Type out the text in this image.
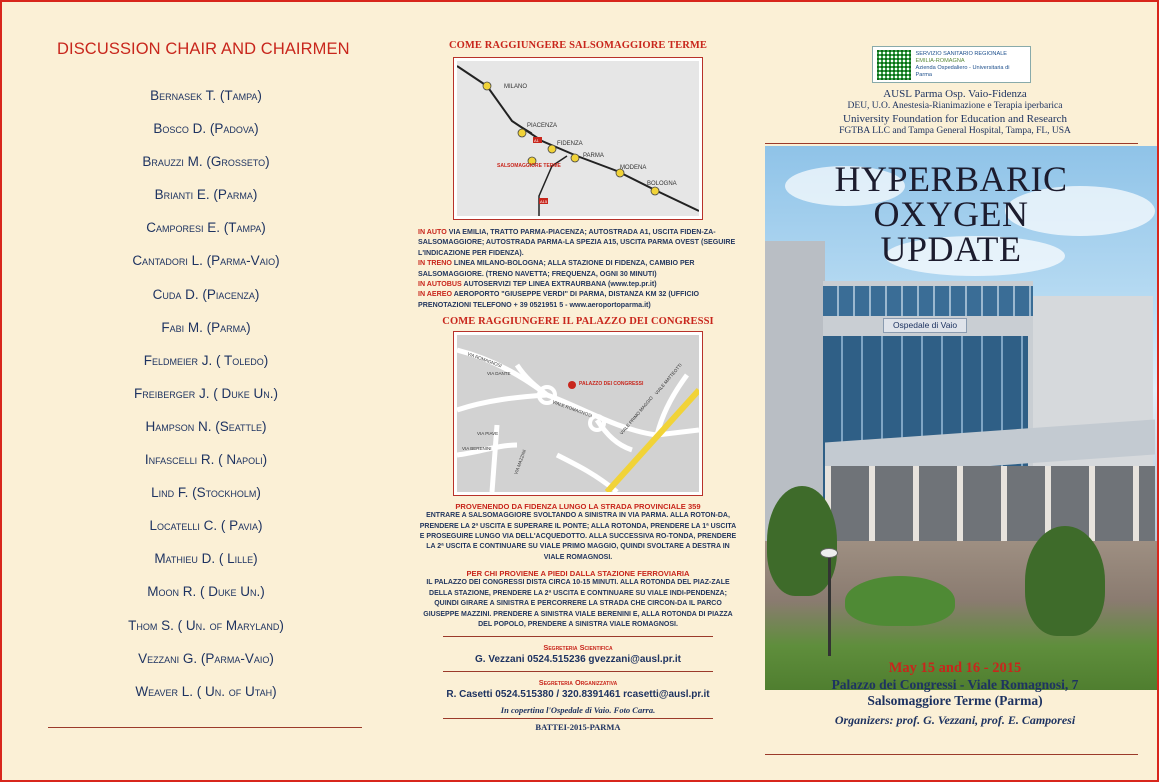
DISCUSSION CHAIR AND CHAIRMEN
Bernasek T. (Tampa)
Bosco D. (Padova)
Brauzzi M. (Grosseto)
Brianti E. (Parma)
Camporesi E. (Tampa)
Cantadori L. (Parma-Vaio)
Cuda D. (Piacenza)
Fabi M. (Parma)
Feldmeier J. ( Toledo)
Freiberger J. ( Duke Un.)
Hampson N. (Seattle)
Infascelli R. ( Napoli)
Lind F. (Stockholm)
Locatelli C. ( Pavia)
Mathieu D. ( Lille)
Moon R. ( Duke Un.)
Thom S. ( Un. of Maryland)
Vezzani G. (Parma-Vaio)
Weaver L. ( Un. of Utah)
COME RAGGIUNGERE SALSOMAGGIORE TERME
MILANO
PIACENZA
FIDENZA
PARMA
MODENA
BOLOGNA
SALSOMAGGIORE TERME
A1
A15
IN AUTO VIA EMILIA, TRATTO PARMA-PIACENZA; AUTOSTRADA A1, USCITA FIDEN-ZA-SALSOMAGGIORE; AUTOSTRADA PARMA-LA SPEZIA A15, USCITA PARMA OVEST (SEGUIRE L'INDICAZIONE PER FIDENZA).
IN TRENO LINEA MILANO-BOLOGNA; ALLA STAZIONE DI FIDENZA, CAMBIO PER SALSOMAGGIORE. (TRENO NAVETTA; FREQUENZA, OGNI 30 MINUTI)
IN AUTOBUS AUTOSERVIZI TEP LINEA EXTRAURBANA (www.tep.pr.it)
IN AEREO AEROPORTO "GIUSEPPE VERDI" DI PARMA, DISTANZA KM 32 (UFFICIO PRENOTAZIONI TELEFONO + 39 0521951 5 - www.aeroportoparma.it)
COME RAGGIUNGERE IL PALAZZO DEI CONGRESSI
PALAZZO DEI CONGRESSI
VIA ROMAGNOSI
VIA DANTE
VIALE ROMAGNOSI	VIALE PRIMO MAGGIO
VIA BERENINI
VIA MAZZINI
VIALE MATTEOTTI
VIA PIAVE
PROVENENDO DA FIDENZA LUNGO LA STRADA PROVINCIALE 359
ENTRARE A SALSOMAGGIORE SVOLTANDO A SINISTRA IN VIA PARMA. ALLA ROTON-DA, PRENDERE LA 2ª USCITA E SUPERARE IL PONTE; ALLA ROTONDA, PRENDERE LA 1ª USCITA E PROSEGUIRE LUNGO VIA DELL'ACQUEDOTTO. ALLA SUCCESSIVA RO-TONDA, PRENDERE LA 2ª USCITA E CONTINUARE SU VIALE PRIMO MAGGIO, QUINDI SVOLTARE A DESTRA IN VIALE ROMAGNOSI.
PER CHI PROVIENE A PIEDI DALLA STAZIONE FERROVIARIA
IL PALAZZO DEI CONGRESSI DISTA CIRCA 10-15 MINUTI. ALLA ROTONDA DEL PIAZ-ZALE DELLA STAZIONE, PRENDERE LA 2ª USCITA E CONTINUARE SU VIALE INDI-PENDENZA; QUINDI GIRARE A SINISTRA E PERCORRERE LA STRADA CHE CIRCON-DA IL PARCO GIUSEPPE MAZZINI. PRENDERE A SINISTRA VIALE BERENINI E, ALLA ROTONDA DI PIAZZA DEL POPOLO, PRENDERE A SINISTRA VIALE ROMAGNOSI.
Segreteria Scientifica
G. Vezzani 0524.515236 gvezzani@ausl.pr.it
Segreteria Organizzativa
R. Casetti 0524.515380 / 320.8391461 rcasetti@ausl.pr.it
In copertina l'Ospedale di Vaio. Foto Carra.
BATTEI-2015-PARMA
SERVIZIO SANITARIO REGIONALE
EMILIA-ROMAGNA
Azienda Ospedaliero - Universitaria di Parma
AUSL Parma Osp. Vaio-Fidenza
DEU, U.O. Anestesia-Rianimazione e Terapia iperbarica
University Foundation for Education and Research
FGTBA LLC and Tampa General Hospital, Tampa, FL, USA
Ospedale di Vaio
HYPERBARIC
OXYGEN
UPDATE
May 15 and 16 - 2015
Palazzo dei Congressi - Viale Romagnosi, 7
Salsomaggiore Terme (Parma)
Organizers: prof. G. Vezzani, prof. E. Camporesi
